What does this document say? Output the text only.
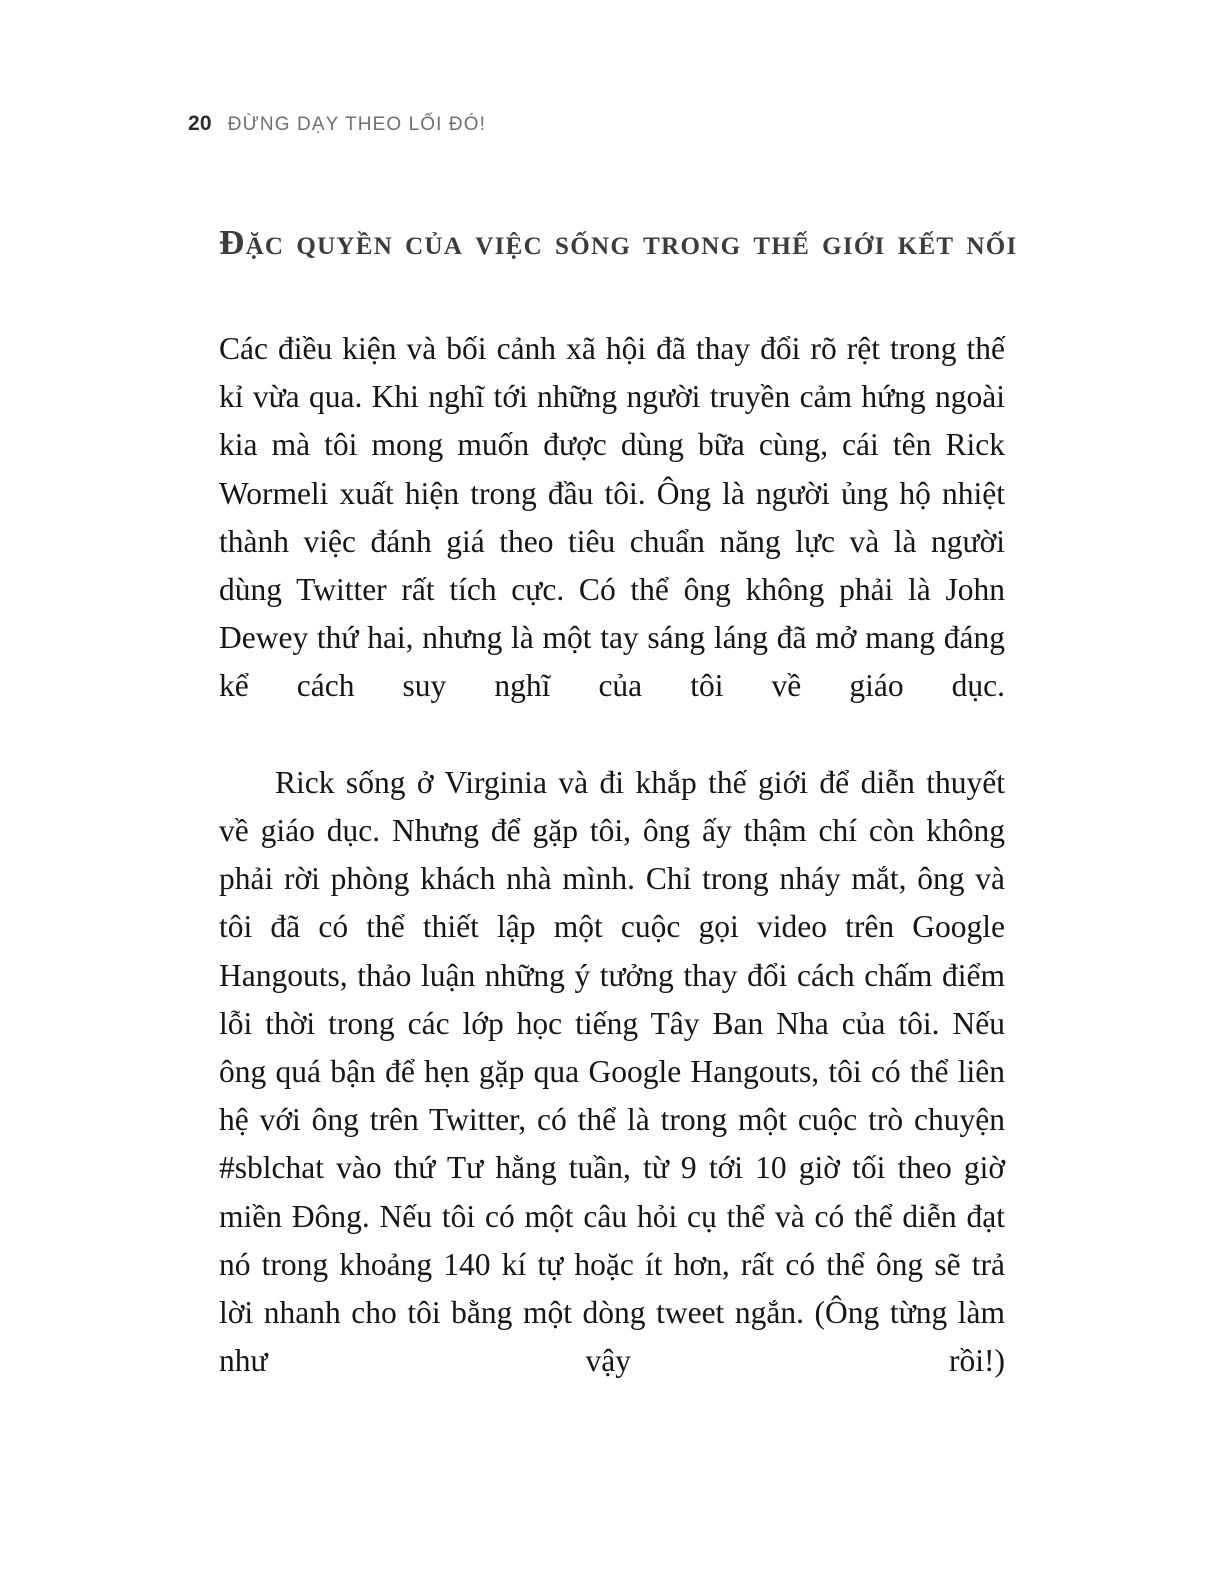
20 ĐỪNG DẠY THEO LỐI ĐÓ!
Đặc quyền của việc sống trong thế giới kết nối

Các điều kiện và bối cảnh xã hội đã thay đổi rõ rệt trong thế kỉ vừa qua. Khi nghĩ tới những người truyền cảm hứng ngoài kia mà tôi mong muốn được dùng bữa cùng, cái tên Rick Wormeli xuất hiện trong đầu tôi. Ông là người ủng hộ nhiệt thành việc đánh giá theo tiêu chuẩn năng lực và là người dùng Twitter rất tích cực. Có thể ông không phải là John Dewey thứ hai, nhưng là một tay sáng láng đã mở mang đáng kể cách suy nghĩ của tôi về giáo dục.

Rick sống ở Virginia và đi khắp thế giới để diễn thuyết về giáo dục. Nhưng để gặp tôi, ông ấy thậm chí còn không phải rời phòng khách nhà mình. Chỉ trong nháy mắt, ông và tôi đã có thể thiết lập một cuộc gọi video trên Google Hangouts, thảo luận những ý tưởng thay đổi cách chấm điểm lỗi thời trong các lớp học tiếng Tây Ban Nha của tôi. Nếu ông quá bận để hẹn gặp qua Google Hangouts, tôi có thể liên hệ với ông trên Twitter, có thể là trong một cuộc trò chuyện #sblchat vào thứ Tư hằng tuần, từ 9 tới 10 giờ tối theo giờ miền Đông. Nếu tôi có một câu hỏi cụ thể và có thể diễn đạt nó trong khoảng 140 kí tự hoặc ít hơn, rất có thể ông sẽ trả lời nhanh cho tôi bằng một dòng tweet ngắn. (Ông từng làm như vậy rồi!)
